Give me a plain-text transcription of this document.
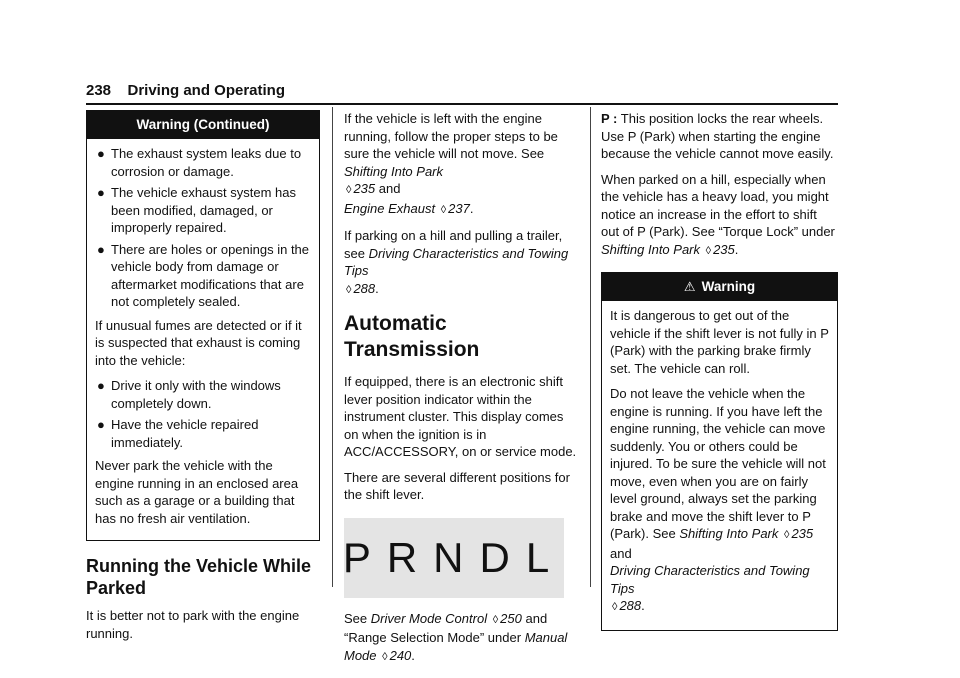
238 Driving and Operating
Warning (Continued)
● The exhaust system leaks due to corrosion or damage.
● The vehicle exhaust system has been modified, damaged, or improperly repaired.
● There are holes or openings in the vehicle body from damage or aftermarket modifications that are not completely sealed.

If unusual fumes are detected or if it is suspected that exhaust is coming into the vehicle:

● Drive it only with the windows completely down.
● Have the vehicle repaired immediately.

Never park the vehicle with the engine running in an enclosed area such as a garage or a building that has no fresh air ventilation.

Running the Vehicle While Parked

It is better not to park with the engine running.

If the vehicle is left with the engine running, follow the proper steps to be sure the vehicle will not move. See Shifting Into Park
◊ 235 and
Engine Exhaust ◊ 237.

If parking on a hill and pulling a trailer, see Driving Characteristics and Towing Tips
◊ 288.

Automatic Transmission

If equipped, there is an electronic shift lever position indicator within the instrument cluster. This display comes on when the ignition is in ACC/ACCESSORY, on or service mode.

There are several different positions for the shift lever.

PRNDL

See Driver Mode Control ◊ 250 and “Range Selection Mode” under Manual Mode ◊ 240.

P : This position locks the rear wheels. Use P (Park) when starting the engine because the vehicle cannot move easily.

When parked on a hill, especially when the vehicle has a heavy load, you might notice an increase in the effort to shift out of P (Park). See “Torque Lock” under Shifting Into Park ◊ 235.

⚠ Warning

It is dangerous to get out of the vehicle if the shift lever is not fully in P (Park) with the parking brake firmly set. The vehicle can roll.

Do not leave the vehicle when the engine is running. If you have left the engine running, the vehicle can move suddenly. You or others could be injured. To be sure the vehicle will not move, even when you are on fairly level ground, always set the parking brake and move the shift lever to P (Park). See Shifting Into Park ◊ 235 and
Driving Characteristics and Towing Tips
◊ 288.
